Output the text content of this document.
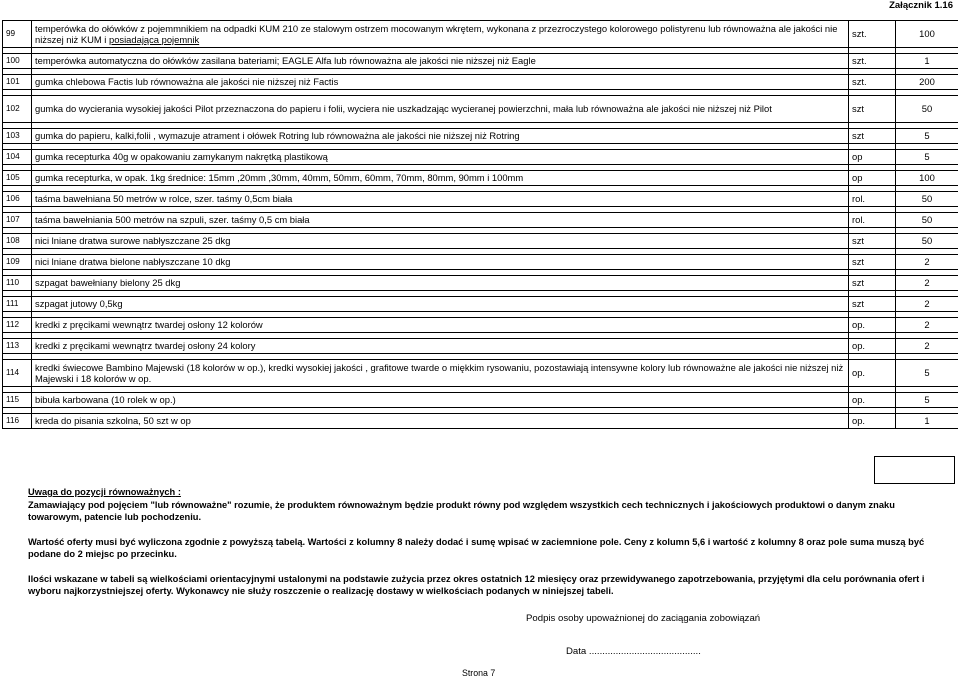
Załącznik 1.16
99	temperówka do ołówków z pojemmnikiem na odpadki KUM 210 ze stalowym ostrzem mocowanym wkrętem, wykonana z przezroczystego kolorowego polistyrenu lub równoważna ale jakości nie niższej niż KUM i posiadająca pojemnik	szt.	100

100	temperówka automatyczna do ołówków zasilana bateriami; EAGLE Alfa lub równoważna ale jakości nie niższej niż Eagle	szt.	1

101	gumka chlebowa Factis lub równoważna ale jakości nie niższej niż Factis	szt.	200

102	gumka do wycierania wysokiej jakości Pilot przeznaczona do papieru i folii, wyciera nie uszkadzając wycieranej powierzchni, mała lub równoważna ale jakości nie niższej niż Pilot	szt	50

103	gumka do papieru, kalki,folii , wymazuje atrament i ołówek Rotring lub równoważna ale jakości nie niższej niż Rotring	szt	5

104	gumka recepturka 40g w opakowaniu zamykanym nakrętką plastikową	op	5

105	gumka recepturka, w opak. 1kg średnice: 15mm ,20mm ,30mm, 40mm, 50mm, 60mm, 70mm, 80mm, 90mm i 100mm	op	100

106	taśma bawełniana 50 metrów w rolce, szer. taśmy 0,5cm biała	rol.	50

107	taśma bawełniania 500 metrów na szpuli, szer. taśmy 0,5 cm biała	rol.	50

108	nici lniane dratwa surowe nabłyszczane 25 dkg	szt	50

109	nici lniane dratwa bielone nabłyszczane 10 dkg	szt	2

110	szpagat bawełniany bielony 25 dkg	szt	2

111	szpagat jutowy 0,5kg	szt	2

112	kredki z pręcikami wewnątrz twardej osłony 12 kolorów	op.	2

113	kredki z pręcikami wewnątrz twardej osłony 24 kolory	op.	2

114	kredki świecowe Bambino Majewski (18 kolorów w op.), kredki wysokiej jakości , grafitowe twarde o miękkim rysowaniu, pozostawiają intensywne kolory lub równoważne ale jakości nie niższej niż Majewski i 18 kolorów w op.	op.	5

115	bibuła karbowana (10 rolek w op.)	op.	5

116	kreda do pisania szkolna, 50 szt w op	op.	1

Uwaga do pozycji równoważnych :

Zamawiający pod pojęciem "lub równoważne" rozumie, że produktem równoważnym będzie produkt równy pod względem wszystkich cech technicznych i jakościowych produktowi o danym znaku towarowym, patencie lub pochodzeniu.

Wartość oferty musi być wyliczona zgodnie z powyższą tabelą. Wartości z kolumny 8 należy dodać i sumę wpisać w zaciemnione pole. Ceny z kolumn 5,6 i wartość z kolumny 8 oraz pole suma muszą być podane do 2 miejsc po przecinku.

Ilości wskazane w tabeli są wielkościami orientacyjnymi ustalonymi na podstawie zużycia przez okres ostatnich 12 miesięcy oraz przewidywanego zapotrzebowania, przyjętymi dla celu porównania ofert i wyboru najkorzystniejszej oferty. Wykonawcy nie służy roszczenie o realizację dostawy w wielkościach podanych w niniejszej tabeli.

Podpis osoby upoważnionej do zaciągania zobowiązań
Data ..........................................
Strona 7
